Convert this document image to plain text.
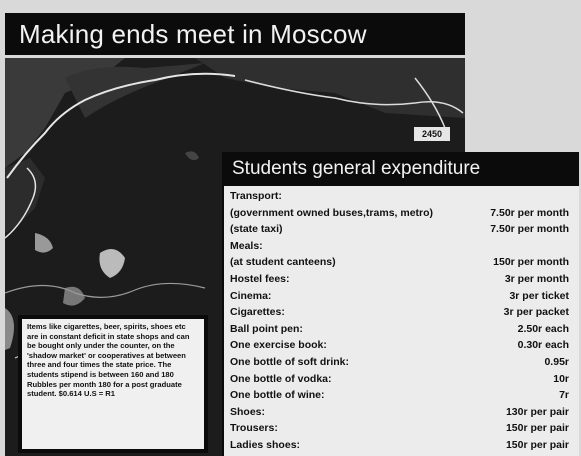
Making ends meet in Moscow
2450
Students general expenditure
Transport:
(government owned buses,trams, metro)	7.50r per month
(state taxi)	7.50r per month
Meals:
(at student canteens)	150r per month
Hostel fees:	3r per month
Cinema:	3r per ticket
Cigarettes:	3r per packet
Ball point pen:	2.50r each
One exercise book:	0.30r each
One bottle of soft drink:	0.95r
One bottle of vodka:	10r
One bottle of wine:	7r
Shoes:	130r per pair
Trousers:	150r per pair
Ladies shoes:	150r per pair
Items like cigarettes, beer, spirits, shoes etc are in constant deficit in state shops and can be bought only under the counter, on the 'shadow market' or cooperatives at between three and four times the state price. The students stipend is between 160 and 180 Rubbles per month 180 for a post graduate student. $0.614 U.S = R1
